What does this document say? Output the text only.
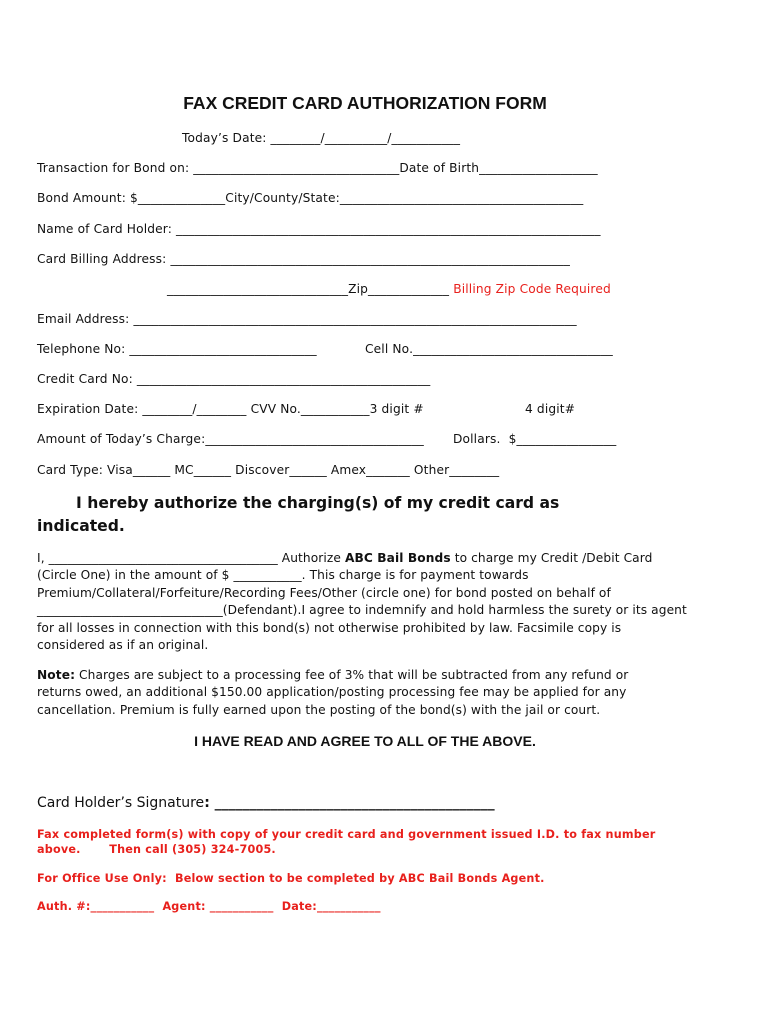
FAX CREDIT CARD AUTHORIZATION FORM
Today’s Date: ________/__________/___________
Transaction for Bond on: _________________________________Date of Birth___________________
Bond Amount: $______________City/County/State:_______________________________________
Name of Card Holder: ____________________________________________________________________
Card Billing Address: ________________________________________________________________
_____________________________Zip_____________ Billing Zip Code Required
Email Address: _______________________________________________________________________
Telephone No: ______________________________	Cell No.________________________________
Credit Card No: _______________________________________________
Expiration Date: ________/________ CVV No.___________3 digit #	4 digit#
Amount of Today’s Charge:___________________________________ Dollars.  $________________
Card Type: Visa______ MC______ Discover______ Amex_______ Other________
I hereby authorize the charging(s) of my credit card as indicated.
I, _____________________________________ Authorize ABC Bail Bonds to charge my Credit /Debit Card (Circle One) in the amount of $ ___________. This charge is for payment towards Premium/Collateral/Forfeiture/Recording Fees/Other (circle one) for bond posted on behalf of ______________________________(Defendant).I agree to indemnify and hold harmless the surety or its agent for all losses in connection with this bond(s) not otherwise prohibited by law. Facsimile copy is considered as if an original.
Note: Charges are subject to a processing fee of 3% that will be subtracted from any refund or returns owed, an additional $150.00 application/posting processing fee may be applied for any cancellation. Premium is fully earned upon the posting of the bond(s) with the jail or court.
I HAVE READ AND AGREE TO ALL OF THE ABOVE.
Card Holder’s Signature: ________________________________________
Fax completed form(s) with copy of your credit card and government issued I.D. to fax number
above.       Then call (305) 324-7005.
For Office Use Only:  Below section to be completed by ABC Bail Bonds Agent.
Auth. #:___________  Agent: ___________  Date:___________
